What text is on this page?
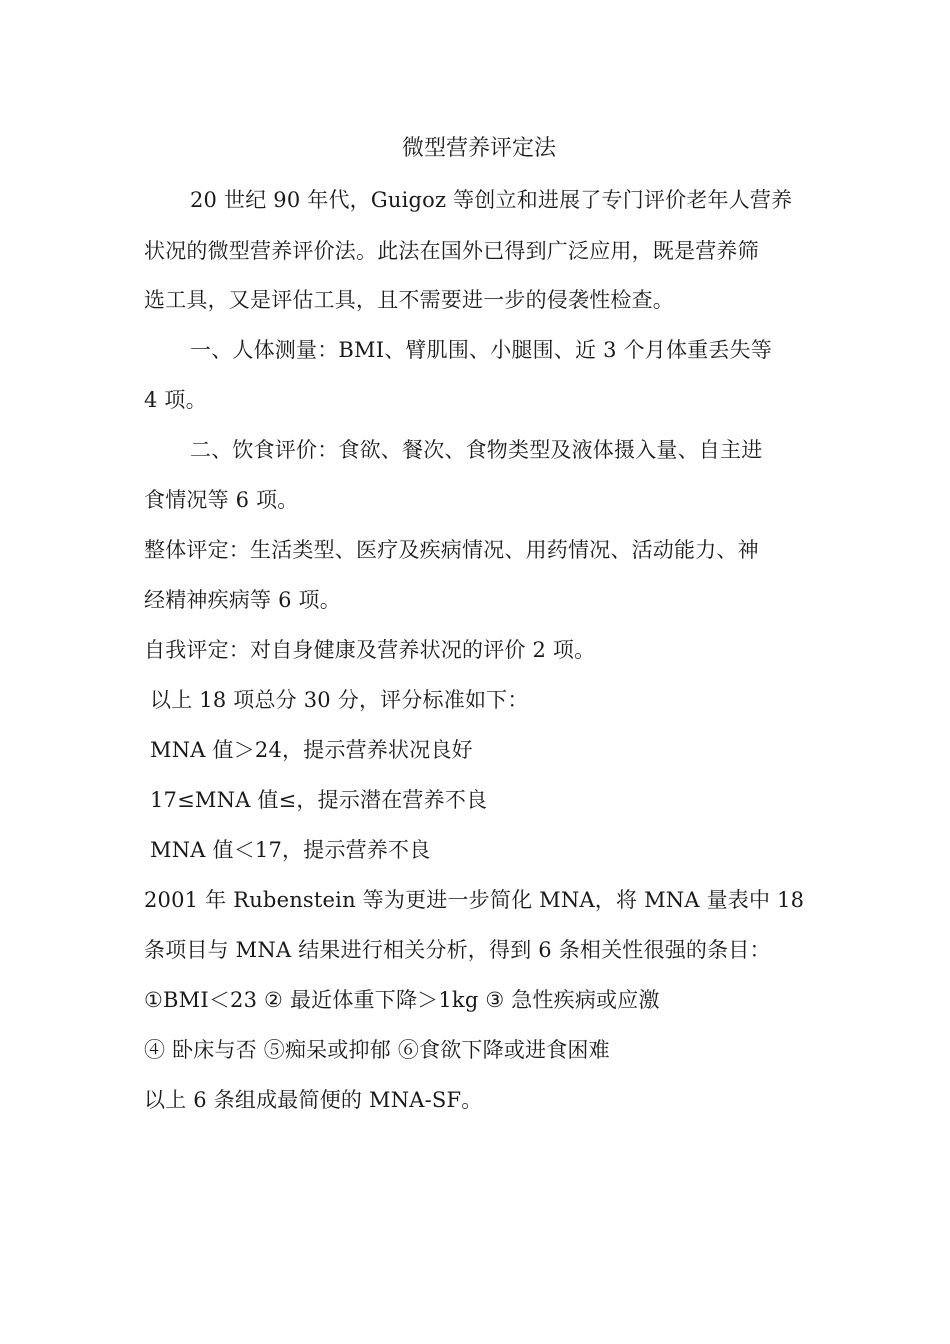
微型营养评定法
20 世纪 90 年代，Guigoz 等创立和进展了专门评价老年人营养
状况的微型营养评价法。此法在国外已得到广泛应用，既是营养筛
选工具，又是评估工具，且不需要进一步的侵袭性检查。
一、人体测量：BMI、臂肌围、小腿围、近 3 个月体重丢失等
4 项。
二、饮食评价：食欲、餐次、食物类型及液体摄入量、自主进
食情况等 6 项。
整体评定：生活类型、医疗及疾病情况、用药情况、活动能力、神
经精神疾病等 6 项。
自我评定：对自身健康及营养状况的评价 2 项。
以上 18 项总分 30 分，评分标准如下：
MNA 值＞24，提示营养状况良好
17≤MNA 值≤，提示潜在营养不良
MNA 值＜17，提示营养不良
2001 年 Rubenstein 等为更进一步简化 MNA，将 MNA 量表中 18
条项目与 MNA 结果进行相关分析，得到 6 条相关性很强的条目：
①BMI＜23 ② 最近体重下降＞1kg ③ 急性疾病或应激
④ 卧床与否 ⑤痴呆或抑郁 ⑥食欲下降或进食困难
以上 6 条组成最简便的 MNA-SF。
